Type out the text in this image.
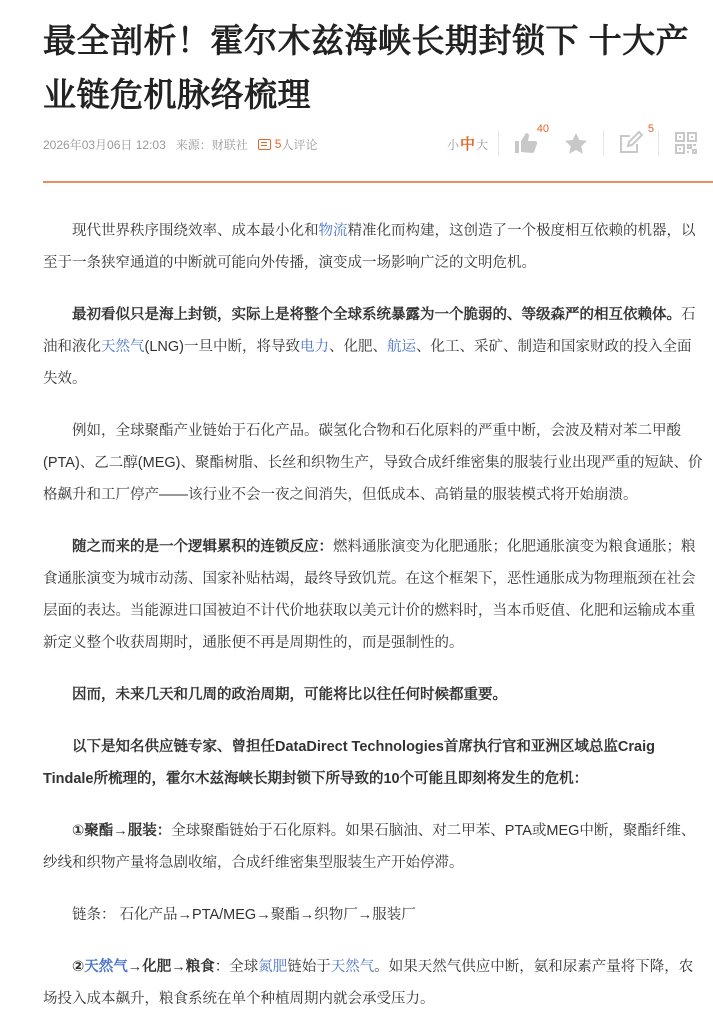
最全剖析！霍尔木兹海峡长期封锁下 十大产业链危机脉络梳理
2026年03月06日 12:03 来源：财联社 5 人评论	小 中 大
40	5

现代世界秩序围绕效率、成本最小化和物流精准化而构建，这创造了一个极度相互依赖的机器，以至于一条狭窄通道的中断就可能向外传播，演变成一场影响广泛的文明危机。

最初看似只是海上封锁，实际上是将整个全球系统暴露为一个脆弱的、等级森严的相互依赖体。石油和液化天然气(LNG)一旦中断，将导致电力、化肥、航运、化工、采矿、制造和国家财政的投入全面失效。

例如，全球聚酯产业链始于石化产品。碳氢化合物和石化原料的严重中断，会波及精对苯二甲酸(PTA)、乙二醇(MEG)、聚酯树脂、长丝和织物生产，导致合成纤维密集的服装行业出现严重的短缺、价格飙升和工厂停产——该行业不会一夜之间消失，但低成本、高销量的服装模式将开始崩溃。

随之而来的是一个逻辑累积的连锁反应：燃料通胀演变为化肥通胀；化肥通胀演变为粮食通胀；粮食通胀演变为城市动荡、国家补贴枯竭，最终导致饥荒。在这个框架下，恶性通胀成为物理瓶颈在社会层面的表达。当能源进口国被迫不计代价地获取以美元计价的燃料时，当本币贬值、化肥和运输成本重新定义整个收获周期时，通胀便不再是周期性的，而是强制性的。

因而，未来几天和几周的政治周期，可能将比以往任何时候都重要。

以下是知名供应链专家、曾担任DataDirect Technologies首席执行官和亚洲区域总监Craig Tindale所梳理的，霍尔木兹海峡长期封锁下所导致的10个可能且即刻将发生的危机：

①聚酯→服装：全球聚酯链始于石化原料。如果石脑油、对二甲苯、PTA或MEG中断，聚酯纤维、纱线和织物产量将急剧收缩，合成纤维密集型服装生产开始停滞。

链条： 石化产品→PTA/MEG→聚酯→织物厂→服装厂

②天然气→化肥→粮食：全球氮肥链始于天然气。如果天然气供应中断，氨和尿素产量将下降，农场投入成本飙升，粮食系统在单个种植周期内就会承受压力。
